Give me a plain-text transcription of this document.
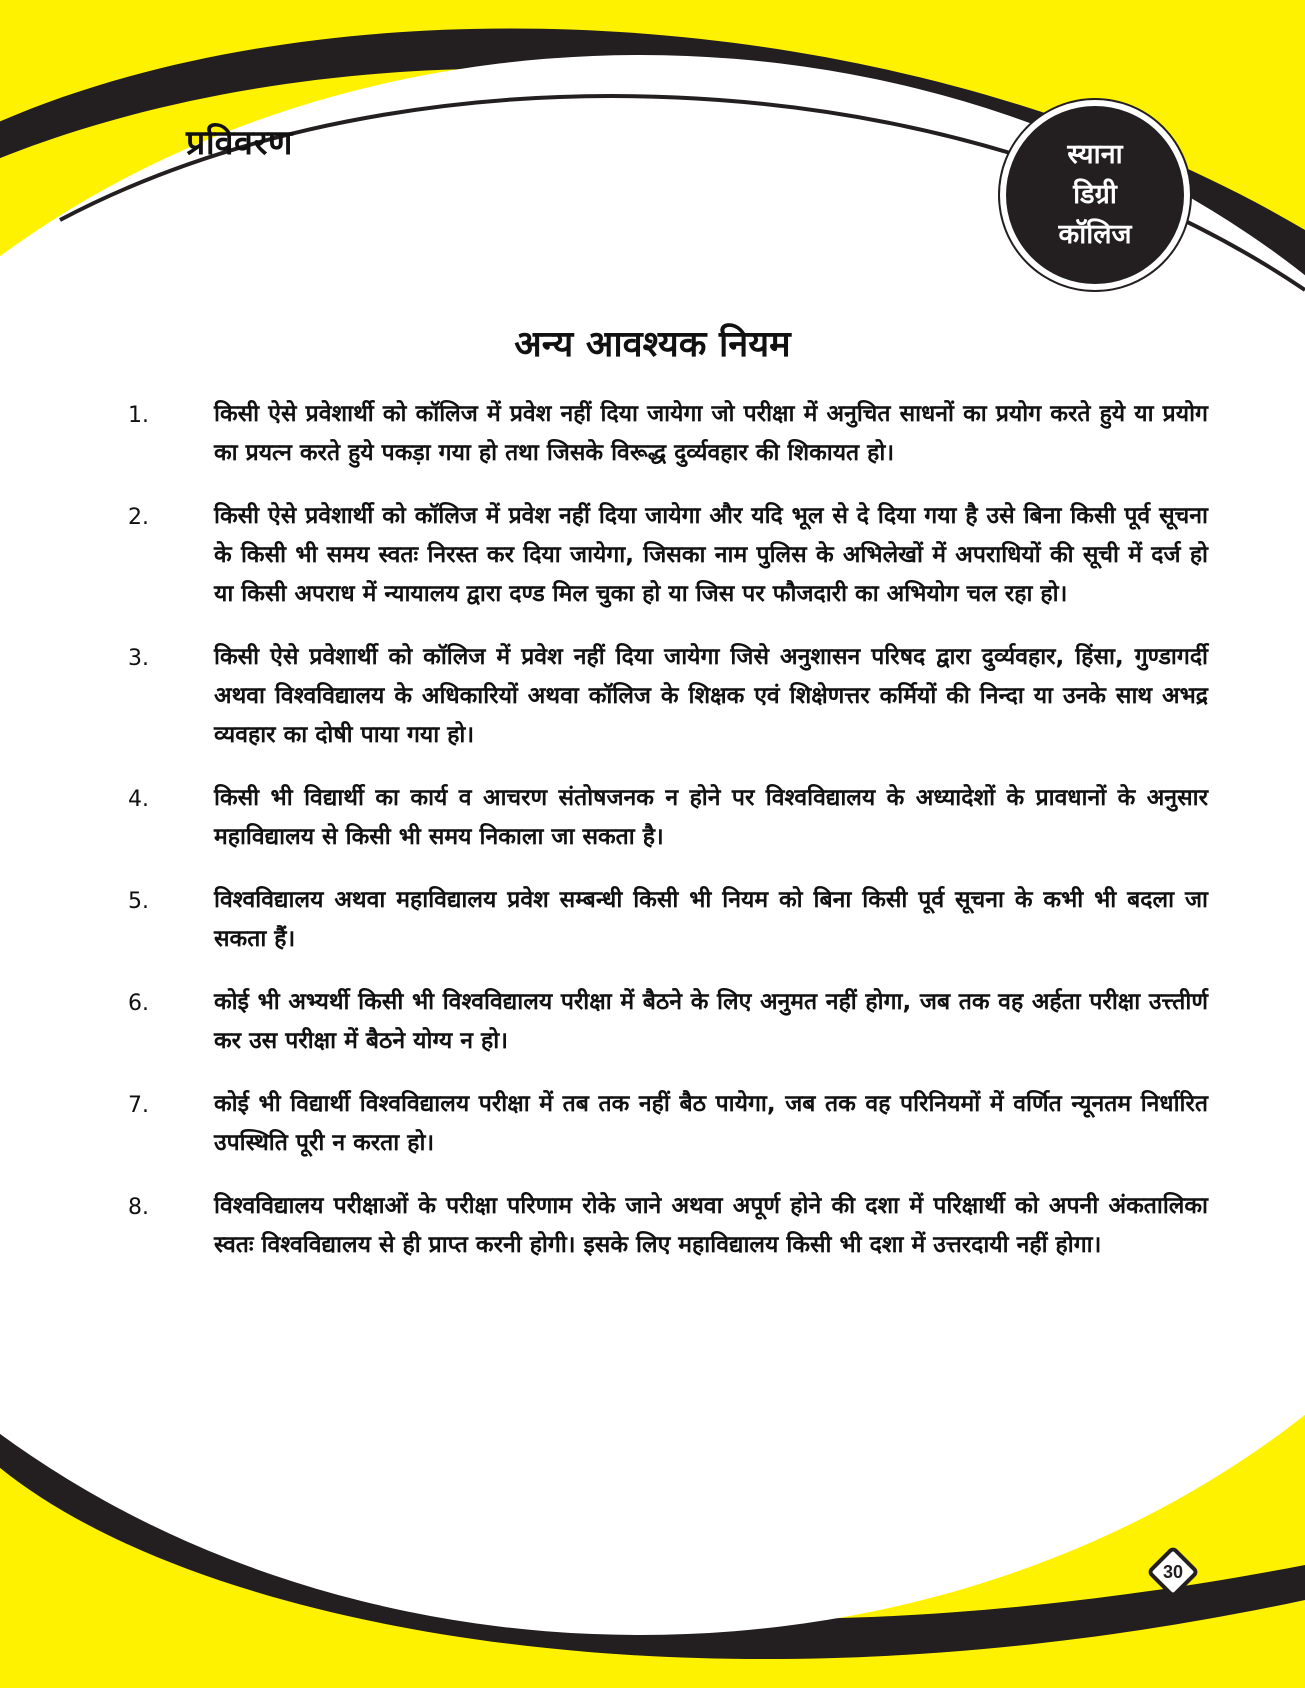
प्रविवरण	स्याना
डिग्री
कॉलिज
अन्य आवश्यक नियम
1.	किसी ऐसे प्रवेशार्थी को कॉलिज में प्रवेश नहीं दिया जायेगा जो परीक्षा में अनुचित साधनों का प्रयोग करते हुये या प्रयोग का प्रयत्न करते हुये पकड़ा गया हो तथा जिसके विरूद्ध दुर्व्यवहार की शिकायत हो।
2.	किसी ऐसे प्रवेशार्थी को कॉलिज में प्रवेश नहीं दिया जायेगा और यदि भूल से दे दिया गया है उसे बिना किसी पूर्व सूचना के किसी भी समय स्वतः निरस्त कर दिया जायेगा, जिसका नाम पुलिस के अभिलेखों में अपराधियों की सूची में दर्ज हो या किसी अपराध में न्यायालय द्वारा दण्ड मिल चुका हो या जिस पर फौजदारी का अभियोग चल रहा हो।
3.	किसी ऐसे प्रवेशार्थी को कॉलिज में प्रवेश नहीं दिया जायेगा जिसे अनुशासन परिषद द्वारा दुर्व्यवहार, हिंसा, गुण्डागर्दी अथवा विश्वविद्यालय के अधिकारियों अथवा कॉलिज के शिक्षक एवं शिक्षेणत्तर कर्मियों की निन्दा या उनके साथ अभद्र व्यवहार का दोषी पाया गया हो।
4.	किसी भी विद्यार्थी का कार्य व आचरण संतोषजनक न होने पर विश्वविद्यालय के अध्यादेशों के प्रावधानों के अनुसार महाविद्यालय से किसी भी समय निकाला जा सकता है।
5.	विश्वविद्यालय अथवा महाविद्यालय प्रवेश सम्बन्धी किसी भी नियम को बिना किसी पूर्व सूचना के कभी भी बदला जा सकता हैं।
6.	कोई भी अभ्यर्थी किसी भी विश्वविद्यालय परीक्षा में बैठने के लिए अनुमत नहीं होगा, जब तक वह अर्हता परीक्षा उत्त्तीर्ण कर उस परीक्षा में बैठने योग्य न हो।
7.	कोई भी विद्यार्थी विश्वविद्यालय परीक्षा में तब तक नहीं बैठ पायेगा, जब तक वह परिनियमों में वर्णित न्यूनतम निर्धारित उपस्थिति पूरी न करता हो।
8.	विश्वविद्यालय परीक्षाओं के परीक्षा परिणाम रोके जाने अथवा अपूर्ण होने की दशा में परिक्षार्थी को अपनी अंकतालिका स्वतः विश्वविद्यालय से ही प्राप्त करनी होगी। इसके लिए महाविद्यालय किसी भी दशा में उत्तरदायी नहीं होगा।
30
